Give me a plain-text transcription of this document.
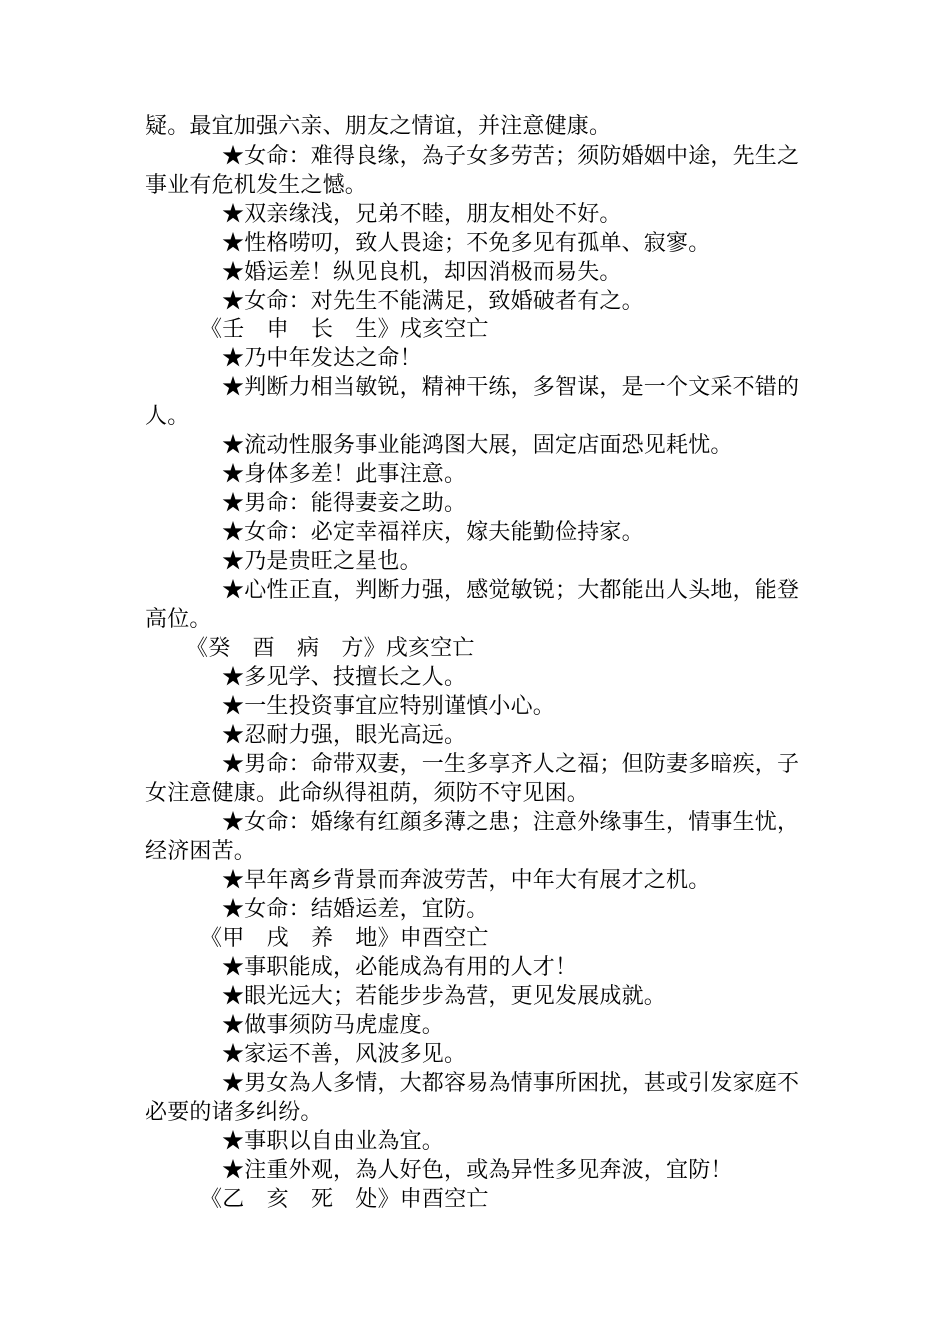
疑。最宜加强六亲、朋友之情谊，并注意健康。
★女命：难得良缘，為子女多劳苦；须防婚姻中途，先生之
事业有危机发生之憾。
★双亲缘浅，兄弟不睦，朋友相处不好。
★性格唠叨，致人畏途；不免多见有孤单、寂寥。
★婚运差！纵见良机，却因消极而易失。
★女命：对先生不能满足，致婚破者有之。
《壬　申　长　生》戌亥空亡
★乃中年发达之命！
★判断力相当敏锐，精神干练，多智谋，是一个文采不错的
人。
★流动性服务事业能鸿图大展，固定店面恐见耗忧。
★身体多差！此事注意。
★男命：能得妻妾之助。
★女命：必定幸福祥庆，嫁夫能勤俭持家。
★乃是贵旺之星也。
★心性正直，判断力强，感觉敏锐；大都能出人头地，能登
高位。
《癸　酉　病　方》戌亥空亡
★多见学、技擅长之人。
★一生投资事宜应特别谨慎小心。
★忍耐力强，眼光高远。
★男命：命带双妻，一生多享齐人之福；但防妻多暗疾，子
女注意健康。此命纵得祖荫，须防不守见困。
★女命：婚缘有红顔多薄之患；注意外缘事生，情事生忧，
经济困苦。
★早年离乡背景而奔波劳苦，中年大有展才之机。
★女命：结婚运差，宜防。
《甲　戌　养　地》申酉空亡
★事职能成，必能成為有用的人才！
★眼光远大；若能步步為营，更见发展成就。
★做事须防马虎虚度。
★家运不善，风波多见。
★男女為人多情，大都容易為情事所困扰，甚或引发家庭不
必要的诸多纠纷。
★事职以自由业為宜。
★注重外观，為人好色，或為异性多见奔波，宜防！
《乙　亥　死　处》申酉空亡
